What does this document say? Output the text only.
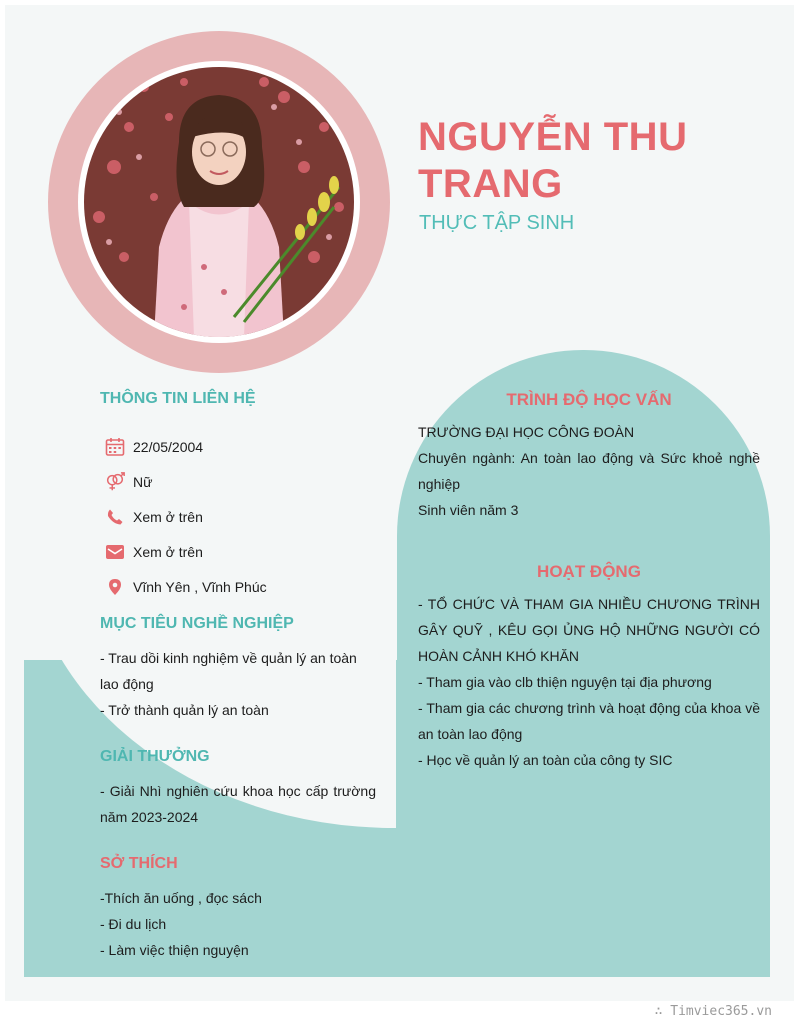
NGUYỄN THU TRANG
THỰC TẬP SINH
THÔNG TIN LIÊN HỆ
22/05/2004
Nữ
Xem ở trên
Xem ở trên
Vĩnh Yên , Vĩnh Phúc
MỤC TIÊU NGHỀ NGHIỆP
- Trau dồi kinh nghiệm về quản lý an toàn lao động
- Trở thành quản lý an toàn
GIẢI THƯỞNG
- Giải Nhì nghiên cứu khoa học cấp trường năm 2023-2024
SỞ THÍCH
-Thích ăn uống , đọc sách
- Đi du lịch
- Làm việc thiện nguyện
TRÌNH ĐỘ HỌC VẤN
TRƯỜNG ĐẠI HỌC CÔNG ĐOÀN
Chuyên ngành: An toàn lao động và Sức khoẻ nghề nghiệp
Sinh viên năm 3
HOẠT ĐỘNG
- TỔ CHỨC VÀ THAM GIA NHIỀU CHƯƠNG TRÌNH GÂY QUỸ , KÊU GỌI ỦNG HỘ NHỮNG NGƯỜI CÓ HOÀN CẢNH KHÓ KHĂN
- Tham gia vào clb thiện nguyện tại địa phương
- Tham gia các chương trình và hoạt động của khoa về an toàn lao động
- Học về quản lý an toàn của công ty SIC
∴ Timviec365.vn
